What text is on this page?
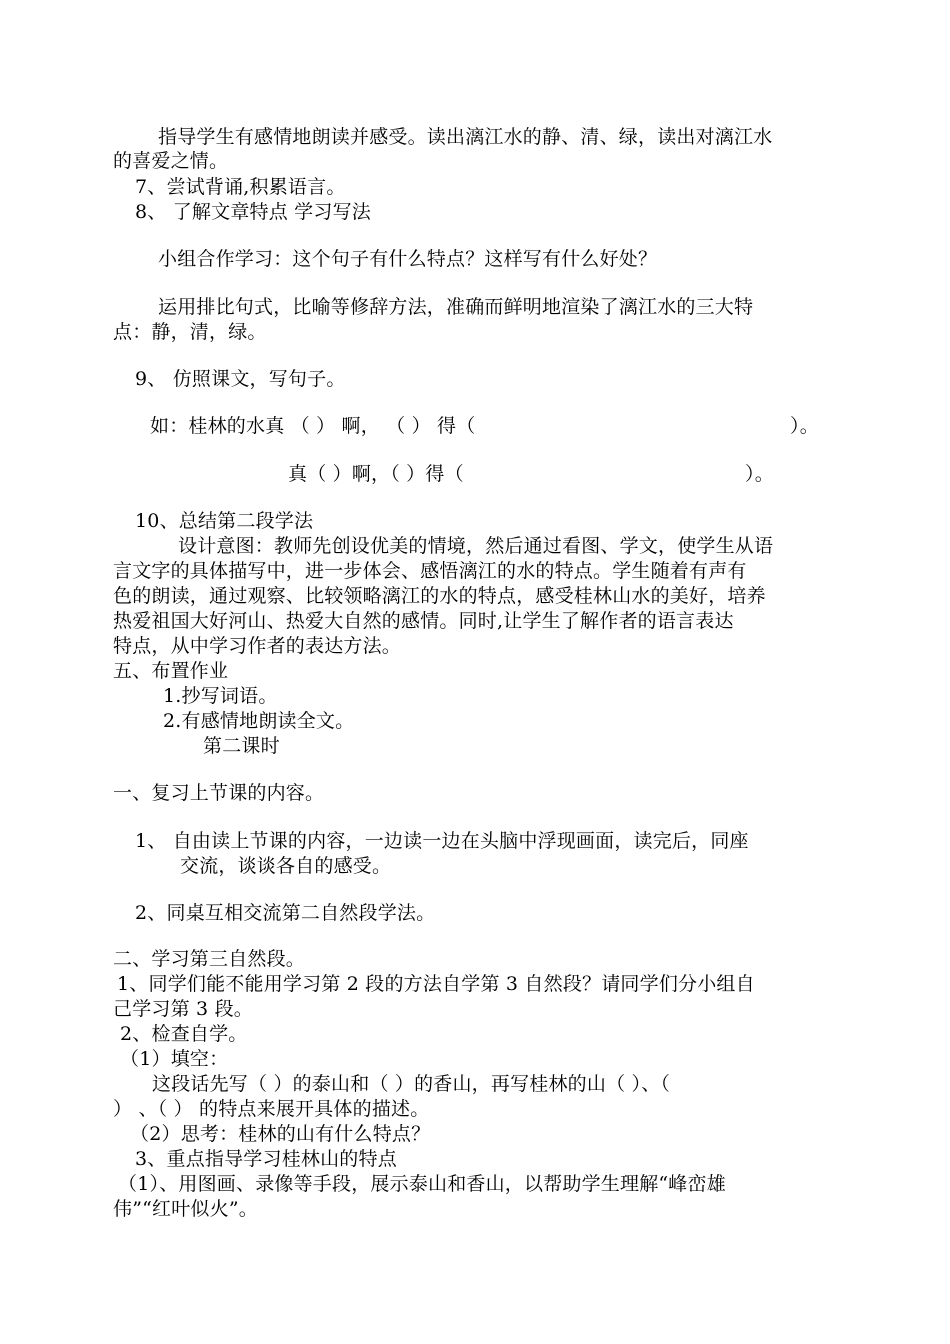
指导学生有感情地朗读并感受。读出漓江水的静、清、绿，读出对漓江水
的喜爱之情。
7、尝试背诵,积累语言。
8、 了解文章特点 学习写法
小组合作学习：这个句子有什么特点？这样写有什么好处？
运用排比句式，比喻等修辞方法，准确而鲜明地渲染了漓江水的三大特
点：静，清，绿。
9、 仿照课文，写句子。
如：桂林的水真 （ ） 啊， （ ） 得（	）。
真（ ）啊，（ ）得（	）。
10、总结第二段学法
设计意图：教师先创设优美的情境，然后通过看图、学文，使学生从语
言文字的具体描写中，进一步体会、感悟漓江的水的特点。学生随着有声有
色的朗读，通过观察、比较领略漓江的水的特点，感受桂林山水的美好，培养
热爱祖国大好河山、热爱大自然的感情。同时,让学生了解作者的语言表达
特点，从中学习作者的表达方法。
五、布置作业
1.抄写词语。
2.有感情地朗读全文。
第二课时
一、复习上节课的内容。
1、 自由读上节课的内容，一边读一边在头脑中浮现画面，读完后，同座
交流，谈谈各自的感受。
2、同桌互相交流第二自然段学法。
二、学习第三自然段。
1、同学们能不能用学习第 2 段的方法自学第 3 自然段？请同学们分小组自
己学习第 3 段。
2、检查自学。
（1）填空：
这段话先写（ ）的泰山和（ ）的香山，再写桂林的山（ ）、（
） 、（ ） 的特点来展开具体的描述。
（2）思考：桂林的山有什么特点？
3、重点指导学习桂林山的特点
（1）、用图画、录像等手段，展示泰山和香山，以帮助学生理解“峰峦雄
伟”“红叶似火”。
